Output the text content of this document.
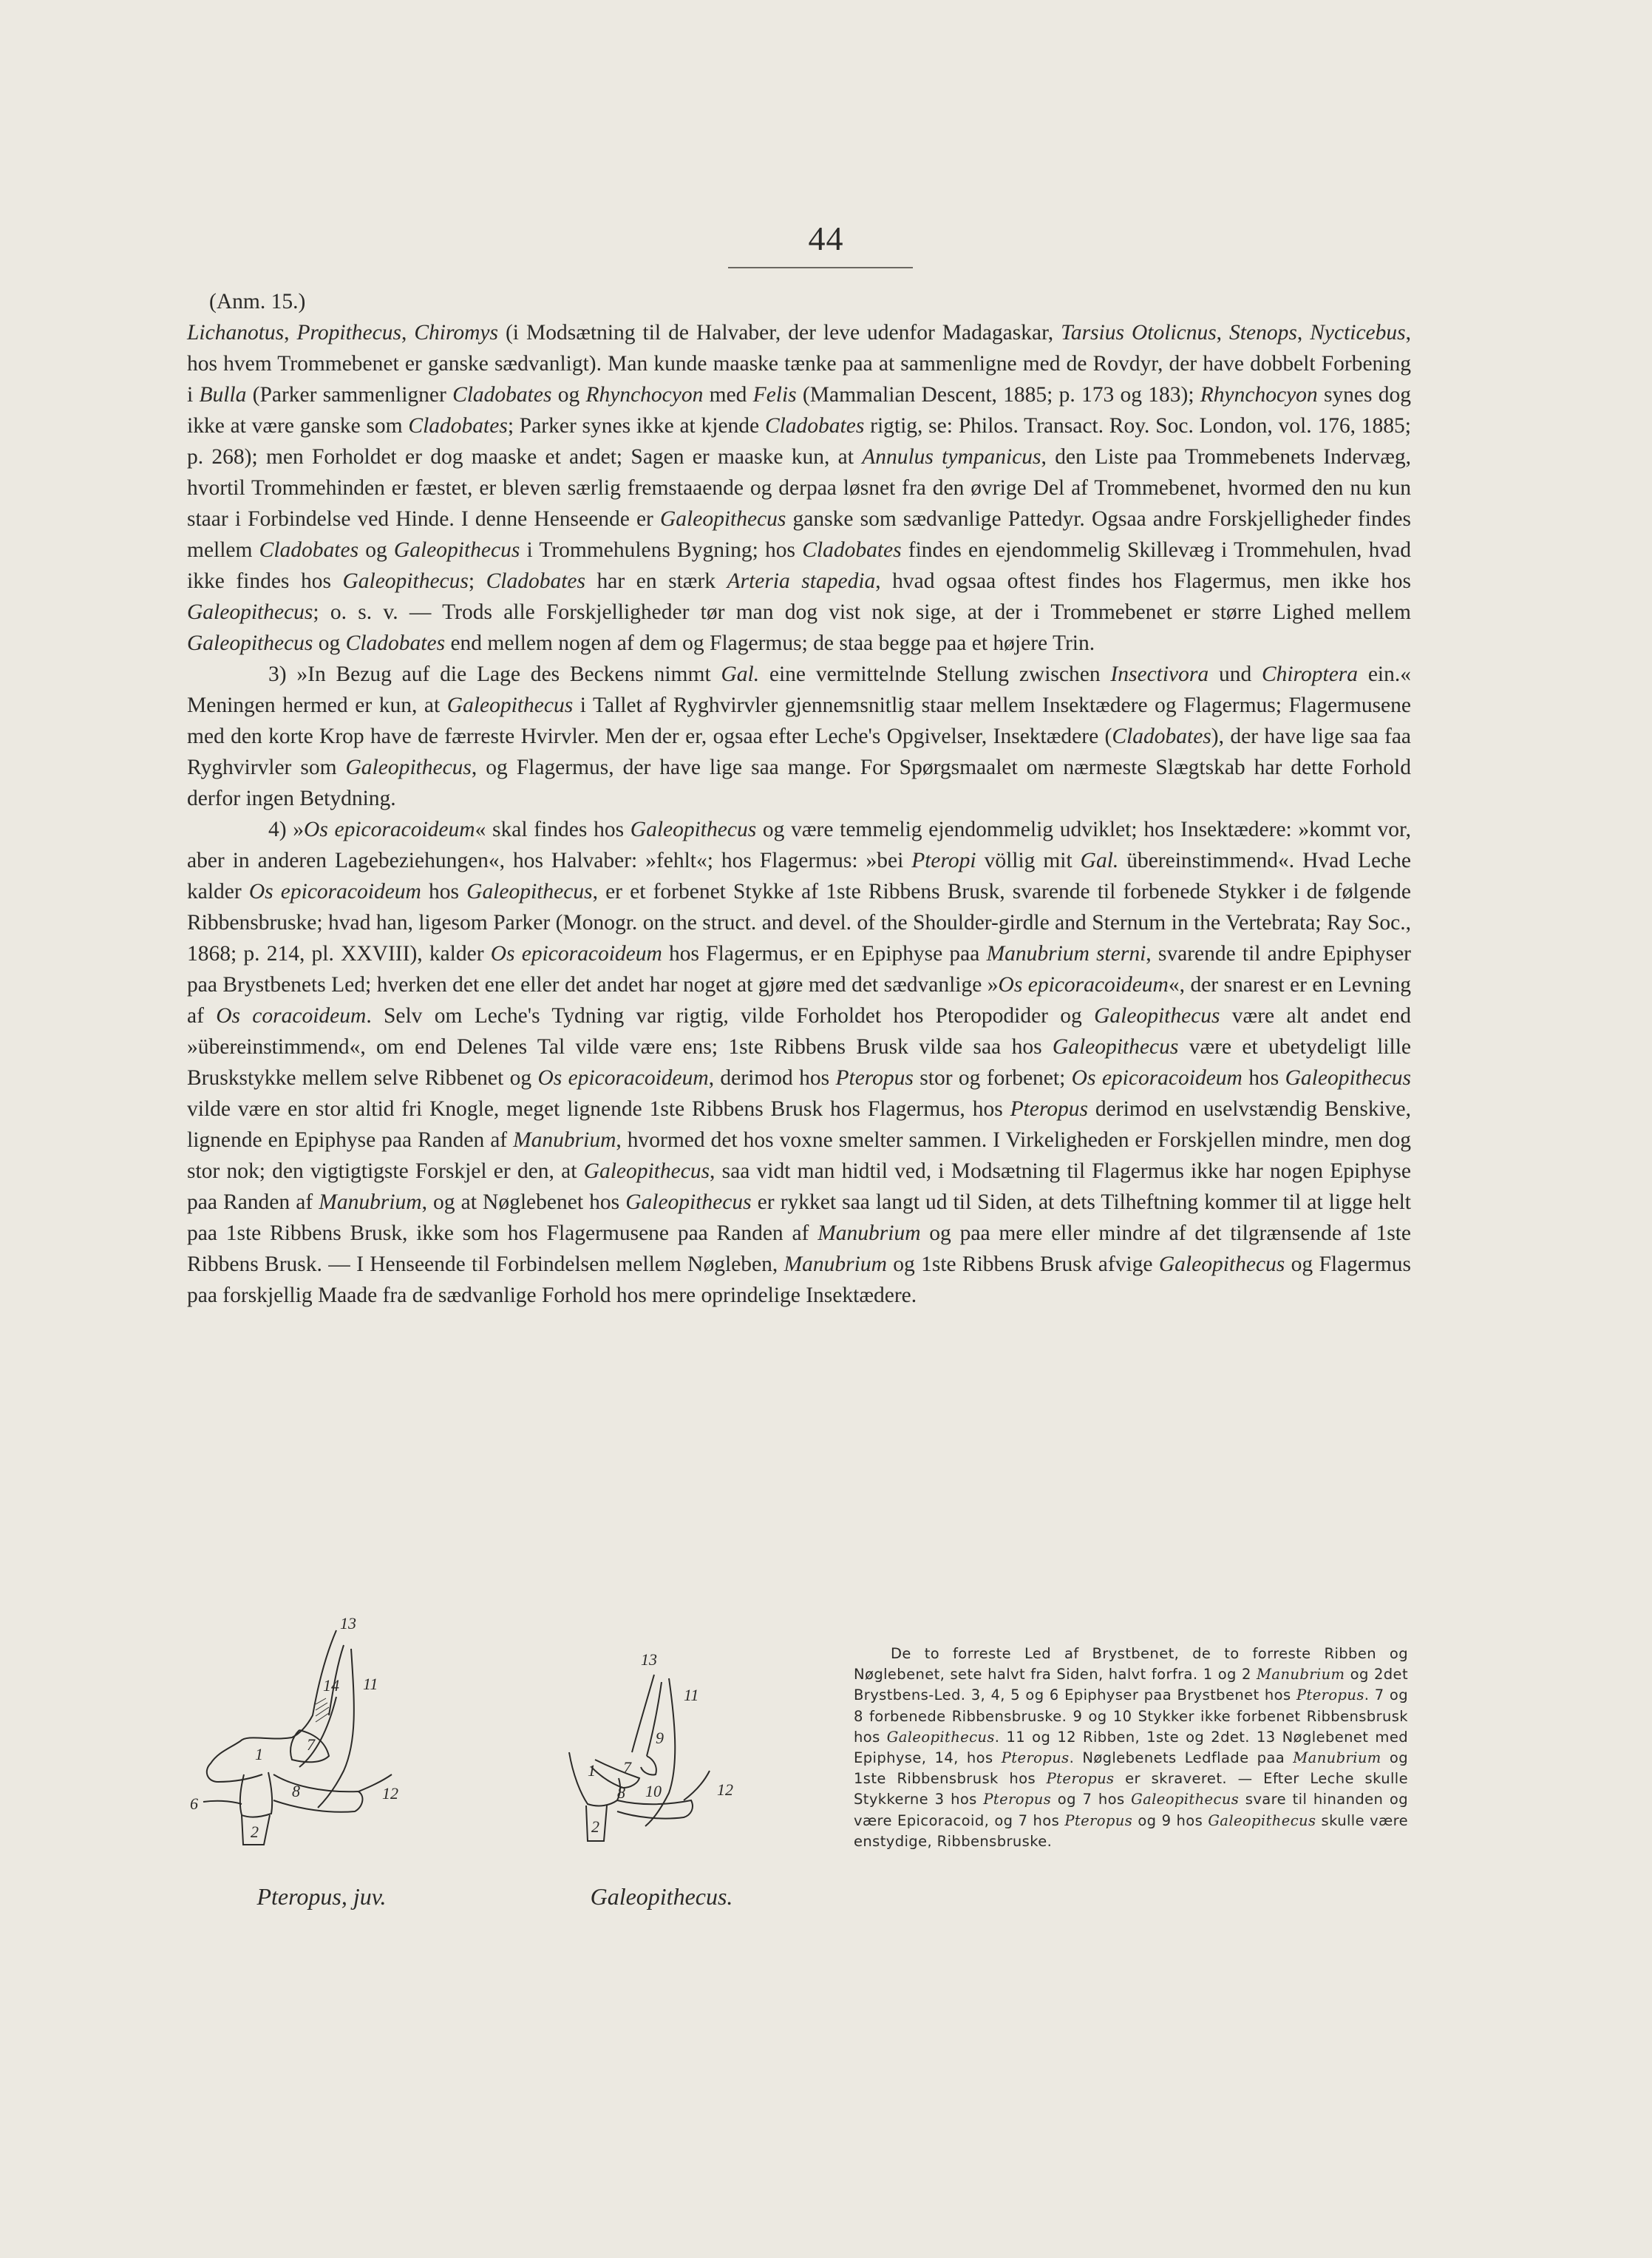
44

(Anm. 15.)

Lichanotus, Propithecus, Chiromys (i Modsætning til de Halvaber, der leve udenfor Madagaskar, Tarsius Otolicnus, Stenops, Nycticebus, hos hvem Trommebenet er ganske sædvanligt). Man kunde maaske tænke paa at sammenligne med de Rovdyr, der have dobbelt Forbening i Bulla (Parker sammenligner Cladobates og Rhynchocyon med Felis (Mammalian Descent, 1885; p. 173 og 183); Rhynchocyon synes dog ikke at være ganske som Cladobates; Parker synes ikke at kjende Cladobates rigtig, se: Philos. Transact. Roy. Soc. London, vol. 176, 1885; p. 268); men Forholdet er dog maaske et andet; Sagen er maaske kun, at Annulus tympanicus, den Liste paa Trommebenets Indervæg, hvortil Trommehinden er fæstet, er bleven særlig fremstaaende og derpaa løsnet fra den øvrige Del af Trommebenet, hvormed den nu kun staar i Forbindelse ved Hinde. I denne Henseende er Galeopithecus ganske som sædvanlige Pattedyr. Ogsaa andre Forskjelligheder findes mellem Cladobates og Galeopithecus i Trommehulens Bygning; hos Cladobates findes en ejendommelig Skillevæg i Trommehulen, hvad ikke findes hos Galeopithecus; Cladobates har en stærk Arteria stapedia, hvad ogsaa oftest findes hos Flagermus, men ikke hos Galeopithecus; o. s. v. — Trods alle Forskjelligheder tør man dog vist nok sige, at der i Trommebenet er større Lighed mellem Galeopithecus og Cladobates end mellem nogen af dem og Flagermus; de staa begge paa et højere Trin.

3) »In Bezug auf die Lage des Beckens nimmt Gal. eine vermittelnde Stellung zwischen Insectivora und Chiroptera ein.« Meningen hermed er kun, at Galeopithecus i Tallet af Ryghvirvler gjennemsnitlig staar mellem Insektædere og Flagermus; Flagermusene med den korte Krop have de færreste Hvirvler. Men der er, ogsaa efter Leche's Opgivelser, Insektædere (Cladobates), der have lige saa faa Ryghvirvler som Galeopithecus, og Flagermus, der have lige saa mange. For Spørgsmaalet om nærmeste Slægtskab har dette Forhold derfor ingen Betydning.

4) »Os epicoracoideum« skal findes hos Galeopithecus og være temmelig ejendommelig udviklet; hos Insektædere: »kommt vor, aber in anderen Lagebeziehungen«, hos Halvaber: »fehlt«; hos Flagermus: »bei Pteropi völlig mit Gal. übereinstimmend«. Hvad Leche kalder Os epicoracoideum hos Galeopithecus, er et forbenet Stykke af 1ste Ribbens Brusk, svarende til forbenede Stykker i de følgende Ribbensbruske; hvad han, ligesom Parker (Monogr. on the struct. and devel. of the Shoulder-girdle and Sternum in the Vertebrata; Ray Soc., 1868; p. 214, pl. XXVIII), kalder Os epicoracoideum hos Flagermus, er en Epiphyse paa Manubrium sterni, svarende til andre Epiphyser paa Brystbenets Led; hverken det ene eller det andet har noget at gjøre med det sædvanlige »Os epicoracoideum«, der snarest er en Levning af Os coracoideum. Selv om Leche's Tydning var rigtig, vilde Forholdet hos Pteropodider og Galeopithecus være alt andet end »übereinstimmend«, om end Delenes Tal vilde være ens; 1ste Ribbens Brusk vilde saa hos Galeopithecus være et ubetydeligt lille Bruskstykke mellem selve Ribbenet og Os epicoracoideum, derimod hos Pteropus stor og forbenet; Os epicoracoideum hos Galeopithecus vilde være en stor altid fri Knogle, meget lignende 1ste Ribbens Brusk hos Flagermus, hos Pteropus derimod en uselvstændig Benskive, lignende en Epiphyse paa Randen af Manubrium, hvormed det hos voxne smelter sammen. I Virkeligheden er Forskjellen mindre, men dog stor nok; den vigtigtigste Forskjel er den, at Galeopithecus, saa vidt man hidtil ved, i Modsætning til Flagermus ikke har nogen Epiphyse paa Randen af Manubrium, og at Nøglebenet hos Galeopithecus er rykket saa langt ud til Siden, at dets Tilheftning kommer til at ligge helt paa 1ste Ribbens Brusk, ikke som hos Flagermusene paa Randen af Manubrium og paa mere eller mindre af det tilgrænsende af 1ste Ribbens Brusk. — I Henseende til Forbindelsen mellem Nøgleben, Manubrium og 1ste Ribbens Brusk afvige Galeopithecus og Flagermus paa forskjellig Maade fra de sædvanlige Forhold hos mere oprindelige Insektædere.

13
14 11
7
1
8	12
6
2
Pteropus, juv.
13
11
9
7
1
8 10	12
2
Galeopithecus.

De to forreste Led af Brystbenet, de to forreste Ribben og Nøglebenet, sete halvt fra Siden, halvt forfra. 1 og 2 Manubrium og 2det Brystbens-Led. 3, 4, 5 og 6 Epiphyser paa Brystbenet hos Pteropus. 7 og 8 forbenede Ribbensbruske. 9 og 10 Stykker ikke forbenet Ribbensbrusk hos Galeopithecus. 11 og 12 Ribben, 1ste og 2det. 13 Nøglebenet med Epiphyse, 14, hos Pteropus. Nøglebenets Ledflade paa Manubrium og 1ste Ribbensbrusk hos Pteropus er skraveret. — Efter Leche skulle Stykkerne 3 hos Pteropus og 7 hos Galeopithecus svare til hinanden og være Epicoracoid, og 7 hos Pteropus og 9 hos Galeopithecus skulle være enstydige, Ribbensbruske.
